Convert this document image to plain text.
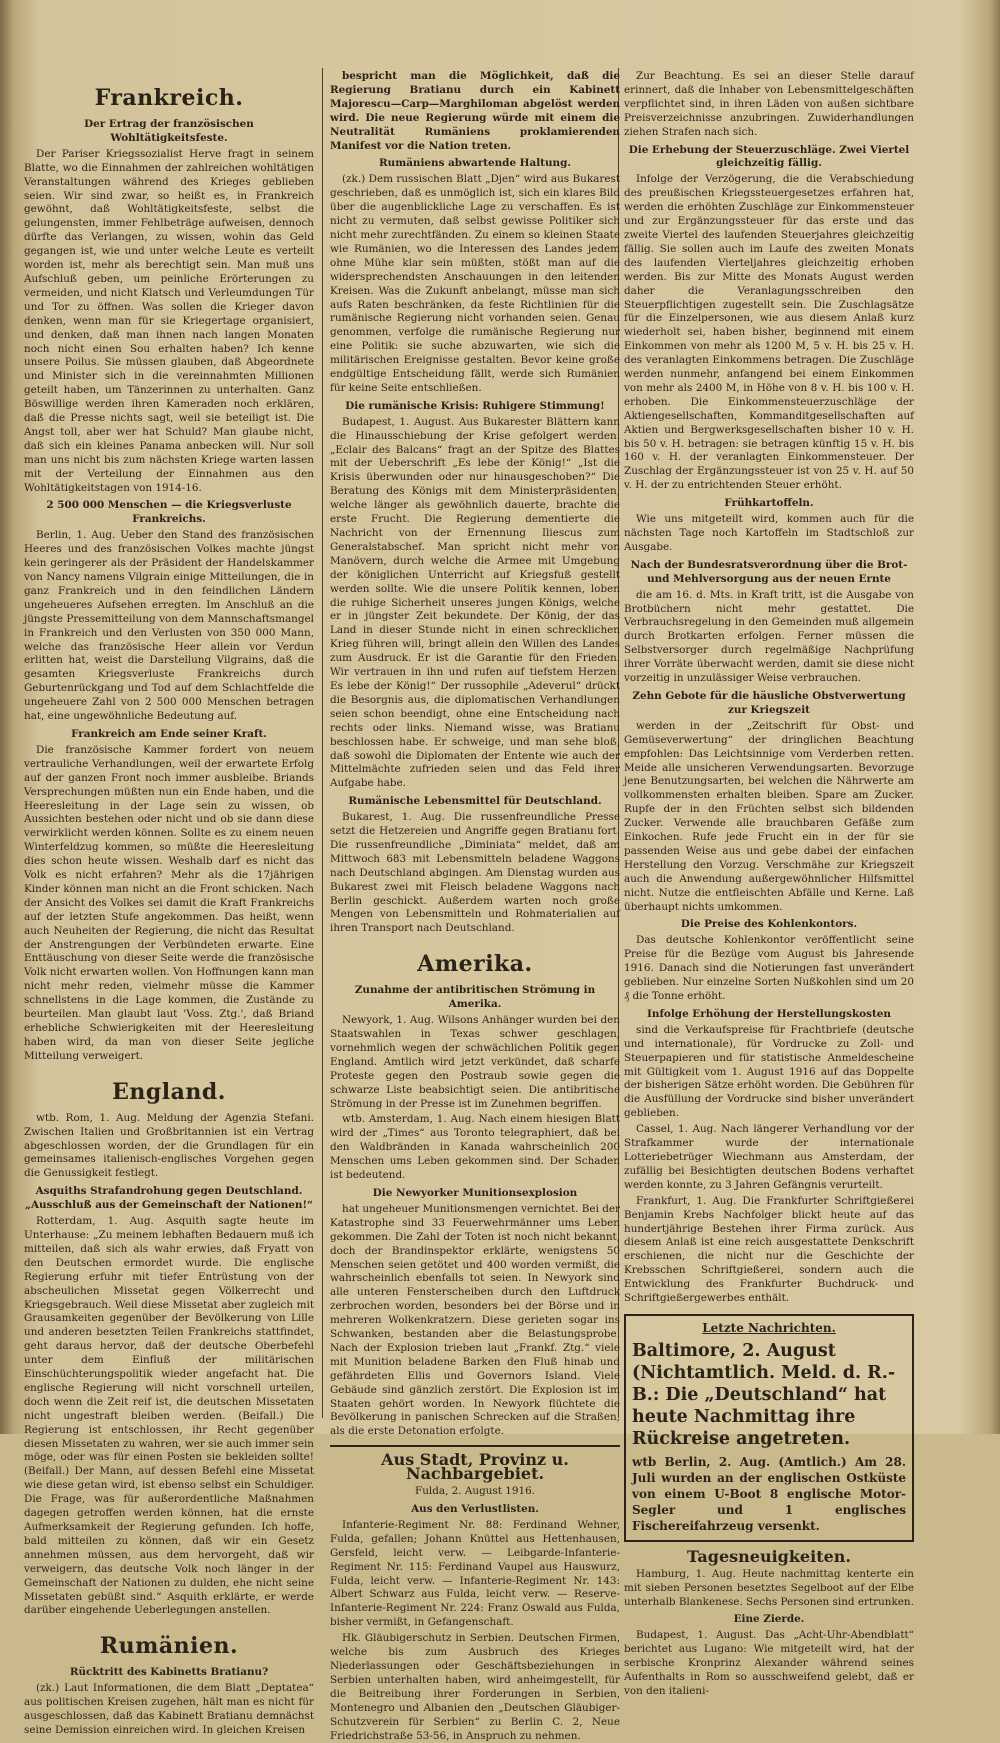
Frankreich.
Der Ertrag der französischen Wohltätigkeitsfeste.

Der Pariser Kriegssozialist Herve fragt in seinem Blatte, wo die Einnahmen der zahlreichen wohltätigen Veranstaltungen während des Krieges geblieben seien. Wir sind zwar, so heißt es, in Frankreich gewöhnt, daß Wohltätigkeitsfeste, selbst die gelungensten, immer Fehlbeträge aufweisen, dennoch dürfte das Verlangen, zu wissen, wohin das Geld gegangen ist, wie und unter welche Leute es verteilt worden ist, mehr als berechtigt sein. Man muß uns Aufschluß geben, um peinliche Erörterungen zu vermeiden, und nicht Klatsch und Verleumdungen Tür und Tor zu öffnen. Was sollen die Krieger davon denken, wenn man für sie Kriegertage organisiert, und denken, daß man ihnen nach langen Monaten noch nicht einen Sou erhalten haben? Ich kenne unsere Poilus. Sie müssen glauben, daß Abgeordnete und Minister sich in die vereinnahmten Millionen geteilt haben, um Tänzerinnen zu unterhalten. Ganz Böswillige werden ihren Kameraden noch erklären, daß die Presse nichts sagt, weil sie beteiligt ist. Die Angst toll, aber wer hat Schuld? Man glaube nicht, daß sich ein kleines Panama anbecken will. Nur soll man uns nicht bis zum nächsten Kriege warten lassen mit der Verteilung der Einnahmen aus den Wohltätigkeitstagen von 1914-16.

2 500 000 Menschen — die Kriegsverluste Frankreichs.

Berlin, 1. Aug. Ueber den Stand des französischen Heeres und des französischen Volkes machte jüngst kein geringerer als der Präsident der Handelskammer von Nancy namens Vilgrain einige Mitteilungen, die in ganz Frankreich und in den feindlichen Ländern ungeheueres Aufsehen erregten. Im Anschluß an die jüngste Pressemitteilung von dem Mannschaftsmangel in Frankreich und den Verlusten von 350 000 Mann, welche das französische Heer allein vor Verdun erlitten hat, weist die Darstellung Vilgrains, daß die gesamten Kriegsverluste Frankreichs durch Geburtenrückgang und Tod auf dem Schlachtfelde die ungeheuere Zahl von 2 500 000 Menschen betragen hat, eine ungewöhnliche Bedeutung auf.

Frankreich am Ende seiner Kraft.

Die französische Kammer fordert von neuem vertrauliche Verhandlungen, weil der erwartete Erfolg auf der ganzen Front noch immer ausbleibe. Briands Versprechungen müßten nun ein Ende haben, und die Heeresleitung in der Lage sein zu wissen, ob Aussichten bestehen oder nicht und ob sie dann diese verwirklicht werden können. Sollte es zu einem neuen Winterfeldzug kommen, so müßte die Heeresleitung dies schon heute wissen. Weshalb darf es nicht das Volk es nicht erfahren? Mehr als die 17jährigen Kinder können man nicht an die Front schicken. Nach der Ansicht des Volkes sei damit die Kraft Frankreichs auf der letzten Stufe angekommen. Das heißt, wenn auch Neuheiten der Regierung, die nicht das Resultat der Anstrengungen der Verbündeten erwarte. Eine Enttäuschung von dieser Seite werde die französische Volk nicht erwarten wollen. Von Hoffnungen kann man nicht mehr reden, vielmehr müsse die Kammer schnellstens in die Lage kommen, die Zustände zu beurteilen. Man glaubt laut 'Voss. Ztg.', daß Briand erhebliche Schwierigkeiten mit der Heeresleitung haben wird, da man von dieser Seite jegliche Mitteilung verweigert.

England.

wtb. Rom, 1. Aug. Meldung der Agenzia Stefani. Zwischen Italien und Großbritannien ist ein Vertrag abgeschlossen worden, der die Grundlagen für ein gemeinsames italienisch-englisches Vorgehen gegen die Genussigkeit festlegt.

Asquiths Strafandrohung gegen Deutschland. „Ausschluß aus der Gemeinschaft der Nationen!“

Rotterdam, 1. Aug. Asquith sagte heute im Unterhause: „Zu meinem lebhaften Bedauern muß ich mitteilen, daß sich als wahr erwies, daß Fryatt von den Deutschen ermordet wurde. Die englische Regierung erfuhr mit tiefer Entrüstung von der abscheulichen Missetat gegen Völkerrecht und Kriegsgebrauch. Weil diese Missetat aber zugleich mit Grausamkeiten gegenüber der Bevölkerung von Lille und anderen besetzten Teilen Frankreichs stattfindet, geht daraus hervor, daß der deutsche Oberbefehl unter dem Einfluß der militärischen Einschüchterungspolitik wieder angefacht hat. Die englische Regierung will nicht vorschnell urteilen, doch wenn die Zeit reif ist, die deutschen Missetaten nicht ungestraft bleiben werden. (Beifall.) Die Regierung ist entschlossen, ihr Recht gegenüber diesen Missetaten zu wahren, wer sie auch immer sein möge, oder was für einen Posten sie bekleiden sollte! (Beifall.) Der Mann, auf dessen Befehl eine Missetat wie diese getan wird, ist ebenso selbst ein Schuldiger. Die Frage, was für außerordentliche Maßnahmen dagegen getroffen werden können, hat die ernste Aufmerksamkeit der Regierung gefunden. Ich hoffe, bald mitteilen zu können, daß wir ein Gesetz annehmen müssen, aus dem hervorgeht, daß wir verweigern, das deutsche Volk noch länger in der Gemeinschaft der Nationen zu dulden, ehe nicht seine Missetaten gebüßt sind.“ Asquith erklärte, er werde darüber eingehende Ueberlegungen anstellen.

Rumänien.
Rücktritt des Kabinetts Bratianu?

(zk.) Laut Informationen, die dem Blatt „Deptatea“ aus politischen Kreisen zugehen, hält man es nicht für ausgeschlossen, daß das Kabinett Bratianu demnächst seine Demission einreichen wird. In gleichen Kreisen

bespricht man die Möglichkeit, daß die Regierung Bratianu durch ein Kabinett Majorescu—Carp—Marghiloman abgelöst werden wird. Die neue Regierung würde mit einem die Neutralität Rumäniens proklamierenden Manifest vor die Nation treten.

Rumäniens abwartende Haltung.

(zk.) Dem russischen Blatt „Djen“ wird aus Bukarest geschrieben, daß es unmöglich ist, sich ein klares Bild über die augenblickliche Lage zu verschaffen. Es ist nicht zu vermuten, daß selbst gewisse Politiker sich nicht mehr zurechtfänden. Zu einem so kleinen Staate wie Rumänien, wo die Interessen des Landes jedem ohne Mühe klar sein müßten, stößt man auf die widersprechendsten Anschauungen in den leitenden Kreisen. Was die Zukunft anbelangt, müsse man sich aufs Raten beschränken, da feste Richtlinien für die rumänische Regierung nicht vorhanden seien. Genau genommen, verfolge die rumänische Regierung nur eine Politik: sie suche abzuwarten, wie sich die militärischen Ereignisse gestalten. Bevor keine große endgültige Entscheidung fällt, werde sich Rumänien für keine Seite entschließen.

Die rumänische Krisis: Ruhigere Stimmung!

Budapest, 1. August. Aus Bukarester Blättern kann die Hinausschiebung der Krise gefolgert werden. „Eclair des Balcans“ fragt an der Spitze des Blattes mit der Ueberschrift „Es lebe der König!“ „Ist die Krisis überwunden oder nur hinausgeschoben?“ Die Beratung des Königs mit dem Ministerpräsidenten, welche länger als gewöhnlich dauerte, brachte die erste Frucht. Die Regierung dementierte die Nachricht von der Ernennung Iliescus zum Generalstabschef. Man spricht nicht mehr von Manövern, durch welche die Armee mit Umgebung der königlichen Unterricht auf Kriegsfuß gestellt werden sollte. Wie die unsere Politik kennen, loben die ruhige Sicherheit unseres jungen Königs, welche er in jüngster Zeit bekundete. Der König, der das Land in dieser Stunde nicht in einen schrecklichen Krieg führen will, bringt allein den Willen des Landes zum Ausdruck. Er ist die Garantie für den Frieden. Wir vertrauen in ihn und rufen auf tiefstem Herzen: Es lebe der König!“ Der russophile „Adeverul“ drückt die Besorgnis aus, die diplomatischen Verhandlungen seien schon beendigt, ohne eine Entscheidung nach rechts oder links. Niemand wisse, was Bratianu beschlossen habe. Er schweige, und man sehe bloß, daß sowohl die Diplomaten der Entente wie auch der Mittelmächte zufrieden seien und das Feld ihrer Aufgabe habe.

Rumänische Lebensmittel für Deutschland.

Bukarest, 1. Aug. Die russenfreundliche Presse setzt die Hetzereien und Angriffe gegen Bratianu fort. Die russenfreundliche „Diminiata“ meldet, daß am Mittwoch 683 mit Lebensmitteln beladene Waggons nach Deutschland abgingen. Am Dienstag wurden aus Bukarest zwei mit Fleisch beladene Waggons nach Berlin geschickt. Außerdem warten noch große Mengen von Lebensmitteln und Rohmaterialien auf ihren Transport nach Deutschland.

Amerika.
Zunahme der antibritischen Strömung in Amerika.

Newyork, 1. Aug. Wilsons Anhänger wurden bei den Staatswahlen in Texas schwer geschlagen, vornehmlich wegen der schwächlichen Politik gegen England. Amtlich wird jetzt verkündet, daß scharfe Proteste gegen den Postraub sowie gegen die schwarze Liste beabsichtigt seien. Die antibritische Strömung in der Presse ist im Zunehmen begriffen.

wtb. Amsterdam, 1. Aug. Nach einem hiesigen Blatt wird der „Times“ aus Toronto telegraphiert, daß bei den Waldbränden in Kanada wahrscheinlich 200 Menschen ums Leben gekommen sind. Der Schaden ist bedeutend.

Die Newyorker Munitionsexplosion

hat ungeheuer Munitionsmengen vernichtet. Bei der Katastrophe sind 33 Feuerwehrmänner ums Leben gekommen. Die Zahl der Toten ist noch nicht bekannt, doch der Brandinspektor erklärte, wenigstens 50 Menschen seien getötet und 400 worden vermißt, die wahrscheinlich ebenfalls tot seien. In Newyork sind alle unteren Fensterscheiben durch den Luftdruck zerbrochen worden, besonders bei der Börse und in mehreren Wolkenkratzern. Diese gerieten sogar ins Schwanken, bestanden aber die Belastungsprobe. Nach der Explosion trieben laut „Frankf. Ztg.“ viele mit Munition beladene Barken den Fluß hinab und gefährdeten Ellis und Governors Island. Viele Gebäude sind gänzlich zerstört. Die Explosion ist im Staaten gehört worden. In Newyork flüchtete die Bevölkerung in panischen Schrecken auf die Straßen, als die erste Detonation erfolgte.

Aus Stadt, Provinz u. Nachbargebiet.
Fulda, 2. August 1916.
Aus den Verlustlisten.

Infanterie-Regiment Nr. 88: Ferdinand Wehner, Fulda, gefallen; Johann Knüttel aus Hettenhausen, Gersfeld, leicht verw. — Leibgarde-Infanterie-Regiment Nr. 115: Ferdinand Vaupel aus Hauswurz, Fulda, leicht verw. — Infanterie-Regiment Nr. 143: Albert Schwarz aus Fulda, leicht verw. — Reserve-Infanterie-Regiment Nr. 224: Franz Oswald aus Fulda, bisher vermißt, in Gefangenschaft.

Hk. Gläubigerschutz in Serbien. Deutschen Firmen, welche bis zum Ausbruch des Krieges Niederlassungen oder Geschäftsbeziehungen in Serbien unterhalten haben, wird anheimgestellt, für die Beitreibung ihrer Forderungen in Serbien, Montenegro und Albanien den „Deutschen Gläubiger-Schutzverein für Serbien“ zu Berlin C. 2, Neue Friedrichstraße 53-56, in Anspruch zu nehmen.

Zur Beachtung. Es sei an dieser Stelle darauf erinnert, daß die Inhaber von Lebensmittelgeschäften verpflichtet sind, in ihren Läden von außen sichtbare Preisverzeichnisse anzubringen. Zuwiderhandlungen ziehen Strafen nach sich.

Die Erhebung der Steuerzuschläge. Zwei Viertel gleichzeitig fällig.

Infolge der Verzögerung, die die Verabschiedung des preußischen Kriegssteuergesetzes erfahren hat, werden die erhöhten Zuschläge zur Einkommensteuer und zur Ergänzungssteuer für das erste und das zweite Viertel des laufenden Steuerjahres gleichzeitig fällig. Sie sollen auch im Laufe des zweiten Monats des laufenden Vierteljahres gleichzeitig erhoben werden. Bis zur Mitte des Monats August werden daher die Veranlagungsschreiben den Steuerpflichtigen zugestellt sein. Die Zuschlagsätze für die Einzelpersonen, wie aus diesem Anlaß kurz wiederholt sei, haben bisher, beginnend mit einem Einkommen von mehr als 1200 M, 5 v. H. bis 25 v. H. des veranlagten Einkommens betragen. Die Zuschläge werden nunmehr, anfangend bei einem Einkommen von mehr als 2400 M, in Höhe von 8 v. H. bis 100 v. H. erhoben. Die Einkommensteuerzuschläge der Aktiengesellschaften, Kommanditgesellschaften auf Aktien und Bergwerksgesellschaften bisher 10 v. H. bis 50 v. H. betragen: sie betragen künftig 15 v. H. bis 160 v. H. der veranlagten Einkommensteuer. Der Zuschlag der Ergänzungssteuer ist von 25 v. H. auf 50 v. H. der zu entrichtenden Steuer erhöht.

Frühkartoffeln.

Wie uns mitgeteilt wird, kommen auch für die nächsten Tage noch Kartoffeln im Stadtschloß zur Ausgabe.

Nach der Bundesratsverordnung über die Brot- und Mehlversorgung aus der neuen Ernte

die am 16. d. Mts. in Kraft tritt, ist die Ausgabe von Brotbüchern nicht mehr gestattet. Die Verbrauchsregelung in den Gemeinden muß allgemein durch Brotkarten erfolgen. Ferner müssen die Selbstversorger durch regelmäßige Nachprüfung ihrer Vorräte überwacht werden, damit sie diese nicht vorzeitig in unzulässiger Weise verbrauchen.

Zehn Gebote für die häusliche Obstverwertung zur Kriegszeit

werden in der „Zeitschrift für Obst- und Gemüseverwertung“ der dringlichen Beachtung empfohlen: Das Leichtsinnige vom Verderben retten. Meide alle unsicheren Verwendungsarten. Bevorzuge jene Benutzungsarten, bei welchen die Nährwerte am vollkommensten erhalten bleiben. Spare am Zucker. Rupfe der in den Früchten selbst sich bildenden Zucker. Verwende alle brauchbaren Gefäße zum Einkochen. Rufe jede Frucht ein in der für sie passenden Weise aus und gebe dabei der einfachen Herstellung den Vorzug. Verschmähe zur Kriegszeit auch die Anwendung außergewöhnlicher Hilfsmittel nicht. Nutze die entfleischten Abfälle und Kerne. Laß überhaupt nichts umkommen.

Die Preise des Kohlenkontors.

Das deutsche Kohlenkontor veröffentlicht seine Preise für die Bezüge vom August bis Jahresende 1916. Danach sind die Notierungen fast unverändert geblieben. Nur einzelne Sorten Nußkohlen sind um 20 ₰ die Tonne erhöht.

Infolge Erhöhung der Herstellungskosten

sind die Verkaufspreise für Frachtbriefe (deutsche und internationale), für Vordrucke zu Zoll- und Steuerpapieren und für statistische Anmeldescheine mit Gültigkeit vom 1. August 1916 auf das Doppelte der bisherigen Sätze erhöht worden. Die Gebühren für die Ausfüllung der Vordrucke sind bisher unverändert geblieben.

Cassel, 1. Aug. Nach längerer Verhandlung vor der Strafkammer wurde der internationale Lotteriebetrüger Wiechmann aus Amsterdam, der zufällig bei Besichtigten deutschen Bodens verhaftet werden konnte, zu 3 Jahren Gefängnis verurteilt.

Frankfurt, 1. Aug. Die Frankfurter Schriftgießerei Benjamin Krebs Nachfolger blickt heute auf das hundertjährige Bestehen ihrer Firma zurück. Aus diesem Anlaß ist eine reich ausgestattete Denkschrift erschienen, die nicht nur die Geschichte der Krebsschen Schriftgießerei, sondern auch die Entwicklung des Frankfurter Buchdruck- und Schriftgießergewerbes enthält.

Letzte Nachrichten.
Baltimore, 2. August (Nichtamtlich. Meld. d. R.-B.: Die „Deutschland“ hat heute Nachmittag ihre Rückreise angetreten.
wtb Berlin, 2. Aug. (Amtlich.) Am 28. Juli wurden an der englischen Ostküste von einem U-Boot 8 englische Motor-Segler und 1 englisches Fischereifahrzeug versenkt.
Tagesneuigkeiten.

Hamburg, 1. Aug. Heute nachmittag kenterte ein mit sieben Personen besetztes Segelboot auf der Elbe unterhalb Blankenese. Sechs Personen sind ertrunken.

Eine Zierde.

Budapest, 1. August. Das „Acht-Uhr-Abendblatt“ berichtet aus Lugano: Wie mitgeteilt wird, hat der serbische Kronprinz Alexander während seines Aufenthalts in Rom so ausschweifend gelebt, daß er von den italieni-
